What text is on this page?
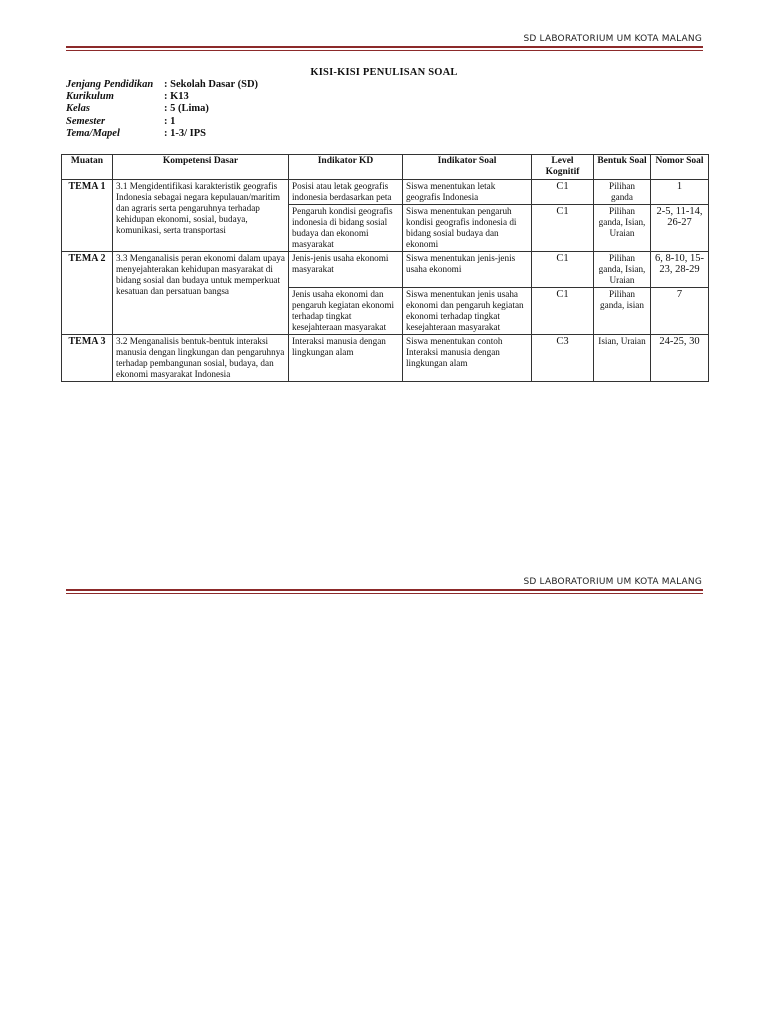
SD LABORATORIUM UM KOTA MALANG
KISI-KISI PENULISAN SOAL
Jenjang Pendidikan	: Sekolah Dasar (SD)
Kurikulum	: K13
Kelas	: 5 (Lima)
Semester	: 1
Tema/Mapel	: 1-3/ IPS
Muatan	Kompetensi Dasar	Indikator KD	Indikator Soal	Level Kognitif	Bentuk Soal	Nomor Soal
TEMA 1	3.1 Mengidentifikasi karakteristik geografis Indonesia sebagai negara kepulauan/maritim dan agraris serta pengaruhnya terhadap kehidupan ekonomi, sosial, budaya, komunikasi, serta transportasi	Posisi atau letak geografis indonesia berdasarkan peta	Siswa menentukan letak geografis Indonesia	C1	Pilihan ganda	1
		Pengaruh kondisi geografis indonesia di bidang sosial budaya dan ekonomi masyarakat	Siswa menentukan pengaruh kondisi geografis indonesia di bidang sosial budaya dan ekonomi	C1	Pilihan ganda, Isian, Uraian	2-5, 11-14, 26-27
TEMA 2	3.3 Menganalisis peran ekonomi dalam upaya menyejahterakan kehidupan masyarakat di bidang sosial dan budaya untuk memperkuat kesatuan dan persatuan bangsa	Jenis-jenis usaha ekonomi masyarakat	Siswa menentukan jenis-jenis usaha ekonomi	C1	Pilihan ganda, Isian, Uraian	6, 8-10, 15-23, 28-29
		Jenis usaha ekonomi dan pengaruh kegiatan ekonomi terhadap tingkat kesejahteraan masyarakat	Siswa menentukan jenis usaha ekonomi dan pengaruh kegiatan ekonomi terhadap tingkat kesejahteraan masyarakat	C1	Pilihan ganda, isian	7
TEMA 3	3.2 Menganalisis bentuk-bentuk interaksi manusia dengan lingkungan dan pengaruhnya terhadap pembangunan sosial, budaya, dan ekonomi masyarakat Indonesia	Interaksi manusia dengan lingkungan alam	Siswa menentukan contoh Interaksi manusia dengan lingkungan alam	C3	Isian, Uraian	24-25, 30
SD LABORATORIUM UM KOTA MALANG
